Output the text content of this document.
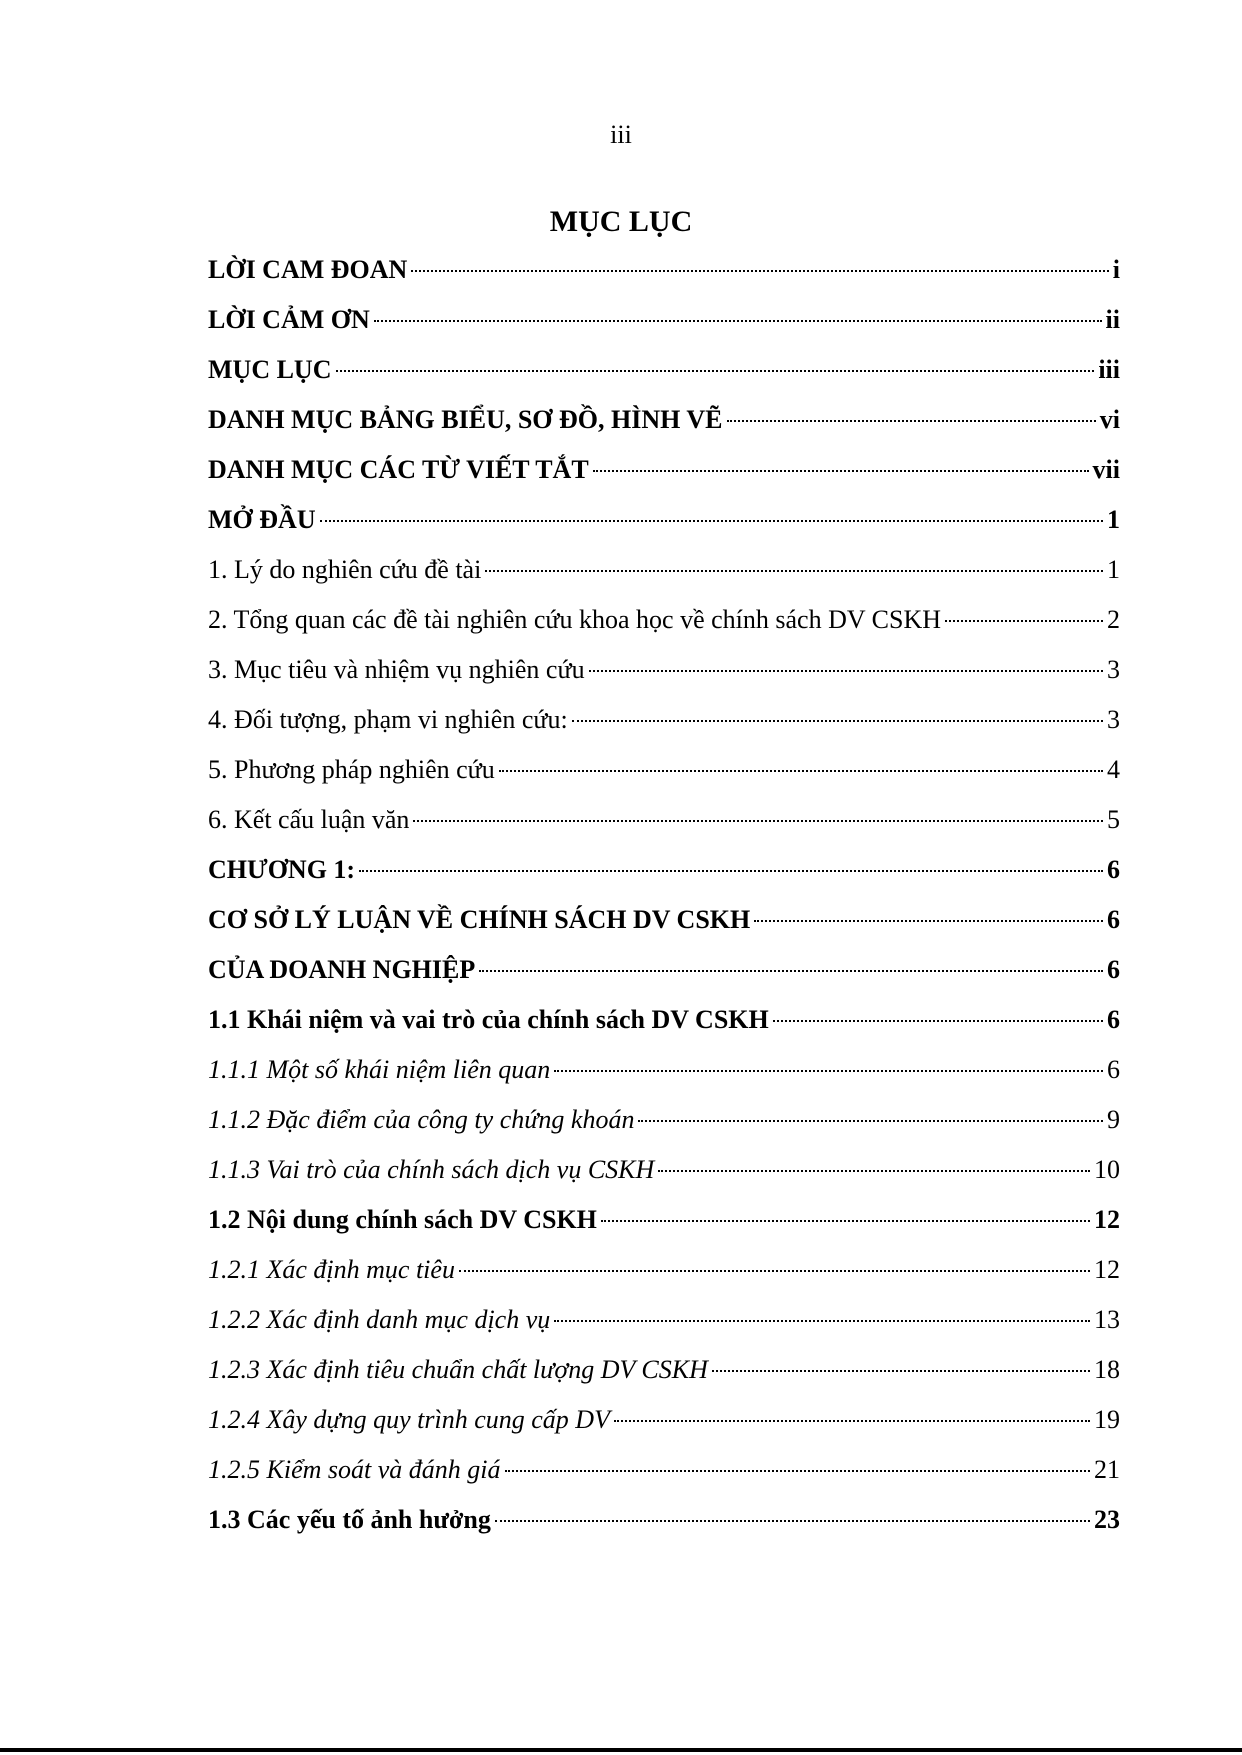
iii
MỤC LỤC
LỜI CAM ĐOAN	i
LỜI CẢM ƠN	ii
MỤC LỤC	iii
DANH MỤC BẢNG BIỂU, SƠ ĐỒ, HÌNH VẼ	vi
DANH MỤC CÁC TỪ VIẾT TẮT	vii
MỞ ĐẦU	1
1. Lý do nghiên cứu đề tài	1
2. Tổng quan các đề tài nghiên cứu khoa học về chính sách DV CSKH	2
3. Mục tiêu và nhiệm vụ nghiên cứu	3
4. Đối tượng, phạm vi nghiên cứu:	3
5. Phương pháp nghiên cứu	4
6. Kết cấu luận văn	5
CHƯƠNG 1:	6
CƠ SỞ LÝ LUẬN VỀ CHÍNH SÁCH DV CSKH	6
CỦA DOANH NGHIỆP	6
1.1 Khái niệm và vai trò của chính sách DV CSKH	6
1.1.1 Một số khái niệm liên quan	6
1.1.2 Đặc điểm của công ty chứng khoán	9
1.1.3 Vai trò của chính sách dịch vụ CSKH	10
1.2 Nội dung chính sách DV CSKH	12
1.2.1 Xác định mục tiêu	12
1.2.2 Xác định danh mục dịch vụ	13
1.2.3 Xác định tiêu chuẩn chất lượng DV CSKH	18
1.2.4 Xây dựng quy trình cung cấp DV	19
1.2.5 Kiểm soát và đánh giá	21
1.3 Các yếu tố ảnh hưởng	23
